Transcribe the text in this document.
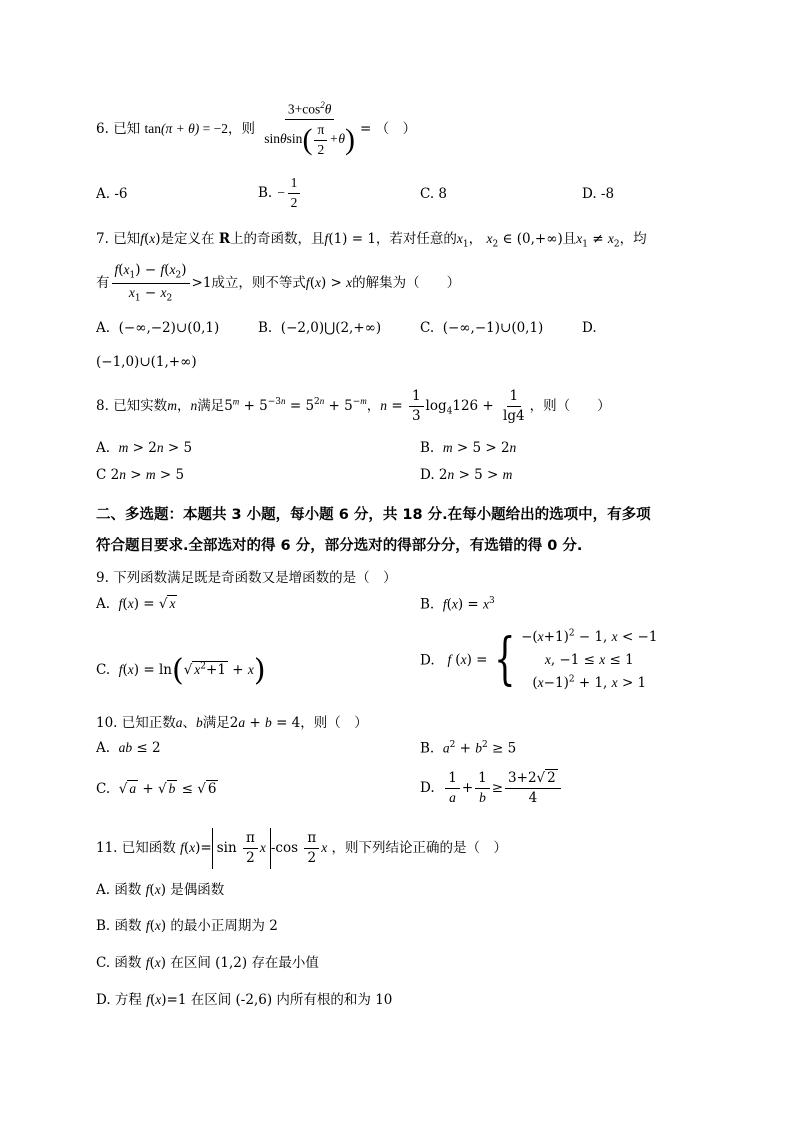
6. 已知 tan(π + θ) = −2，则 $\frac{3+\cos^2\theta}{\sin\theta\sin( \frac{\pi}{2} +\theta)}$ = （　）
A. -6	B. − $\frac{1}{2}$	C. 8	D. -8
7. 已知f(x)是定义在 R上的奇函数，且f(1) = 1，若对任意的$x_1$， $x_2$ ∈ (0,+∞)且$x_1 \ne x_2$，均
有 $\frac{f(x_1) - f(x_2)}{x_1 - x_2} >1$成立，则不等式f(x) > x的解集为（　　）
A.  (−∞,−2)∪(0,1)	B.  (−2,0)⋃(2,+∞)	C.  (−∞,−1)∪(0,1)	D.
(−1,0)∪(1,+∞)
8. 已知实数m，n满足$5^m + 5^{-3n} = 5^{2n} + 5^{-m}$，$n = \frac{1}{3} \log_4126 + \frac{1}{\lg 4}$ ，则（　　）
A. m > 2n > 5	B. m > 5 > 2n
C 2n > m > 5	D. 2n > 5 > m
二、多选题：本题共 3 小题，每小题 6 分，共 18 分.在每小题给出的选项中，有多项
符合题目要求.全部选对的得 6 分，部分选对的得部分分，有选错的得 0 分.
9. 下列函数满足既是奇函数又是增函数的是（　）
A. f(x) = √ x	B. $f(x) = x^3$
C. f(x) = ln(√ $x^2+1 + x$)	D. f ( x ) = { $-(x+1)^2 - 1$, x < −1
x, −1 ≤ x ≤ 1
$(x-1)^2 + 1$, x > 1
10. 已知正数a、b满足2a + b = 4，则（　）
A. ab ≤ 2	B. $a^2 + b^2 \ge 5$
C.  √ a + √ b ≤ √ 6	D. $\frac{1}{a} + \frac{1}{b} \ge \frac{3+2√ 2}{4}$
11. 已知函数 $f(x)= \sin \frac{\pi}{2}$ x $-\cos \frac{\pi}{2}$ x ，则下列结论正确的是（　）
A. 函数 f(x) 是偶函数
B. 函数 f(x) 的最小正周期为 2
C. 函数 f(x) 在区间 (1,2) 存在最小值
D. 方程 f(x)=1 在区间 (-2,6) 内所有根的和为 10
